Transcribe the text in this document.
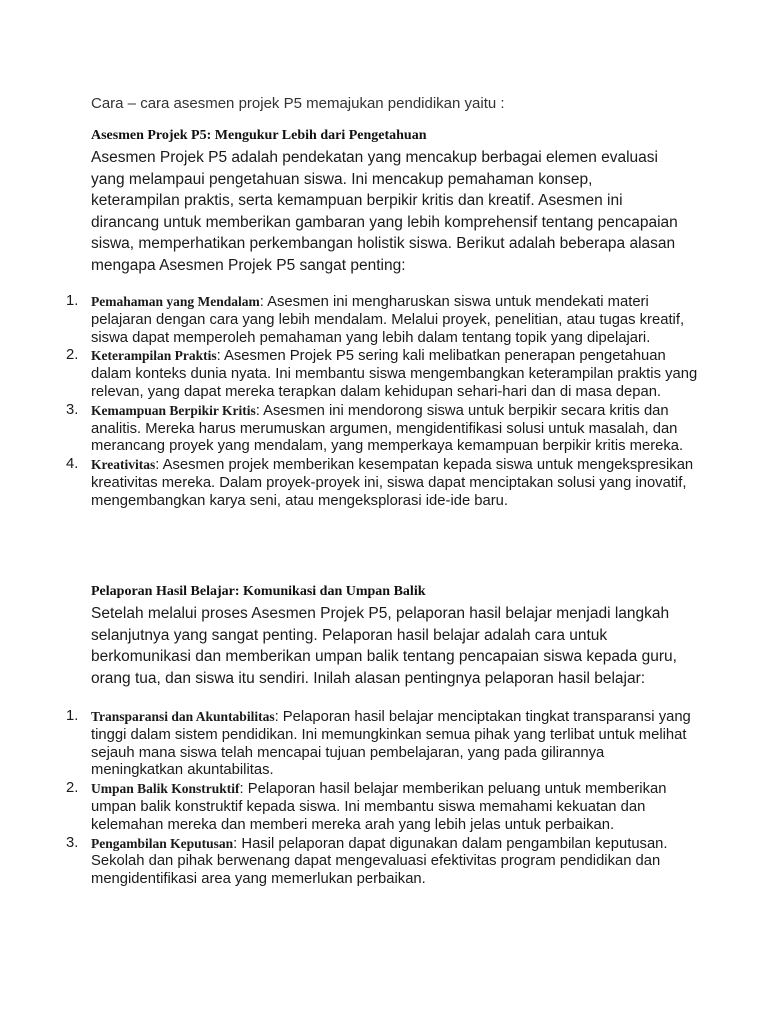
Cara – cara asesmen projek P5 memajukan pendidikan yaitu :

Asesmen Projek P5: Mengukur Lebih dari Pengetahuan

Asesmen Projek P5 adalah pendekatan yang mencakup berbagai elemen evaluasi yang melampaui pengetahuan siswa. Ini mencakup pemahaman konsep, keterampilan praktis, serta kemampuan berpikir kritis dan kreatif. Asesmen ini dirancang untuk memberikan gambaran yang lebih komprehensif tentang pencapaian siswa, memperhatikan perkembangan holistik siswa. Berikut adalah beberapa alasan mengapa Asesmen Projek P5 sangat penting:

1. Pemahaman yang Mendalam: Asesmen ini mengharuskan siswa untuk mendekati materi pelajaran dengan cara yang lebih mendalam. Melalui proyek, penelitian, atau tugas kreatif, siswa dapat memperoleh pemahaman yang lebih dalam tentang topik yang dipelajari.
2. Keterampilan Praktis: Asesmen Projek P5 sering kali melibatkan penerapan pengetahuan dalam konteks dunia nyata. Ini membantu siswa mengembangkan keterampilan praktis yang relevan, yang dapat mereka terapkan dalam kehidupan sehari-hari dan di masa depan.
3. Kemampuan Berpikir Kritis: Asesmen ini mendorong siswa untuk berpikir secara kritis dan analitis. Mereka harus merumuskan argumen, mengidentifikasi solusi untuk masalah, dan merancang proyek yang mendalam, yang memperkaya kemampuan berpikir kritis mereka.
4. Kreativitas: Asesmen projek memberikan kesempatan kepada siswa untuk mengekspresikan kreativitas mereka. Dalam proyek-proyek ini, siswa dapat menciptakan solusi yang inovatif, mengembangkan karya seni, atau mengeksplorasi ide-ide baru.
Pelaporan Hasil Belajar: Komunikasi dan Umpan Balik

Setelah melalui proses Asesmen Projek P5, pelaporan hasil belajar menjadi langkah selanjutnya yang sangat penting. Pelaporan hasil belajar adalah cara untuk berkomunikasi dan memberikan umpan balik tentang pencapaian siswa kepada guru, orang tua, dan siswa itu sendiri. Inilah alasan pentingnya pelaporan hasil belajar:

1. Transparansi dan Akuntabilitas: Pelaporan hasil belajar menciptakan tingkat transparansi yang tinggi dalam sistem pendidikan. Ini memungkinkan semua pihak yang terlibat untuk melihat sejauh mana siswa telah mencapai tujuan pembelajaran, yang pada gilirannya meningkatkan akuntabilitas.
2. Umpan Balik Konstruktif: Pelaporan hasil belajar memberikan peluang untuk memberikan umpan balik konstruktif kepada siswa. Ini membantu siswa memahami kekuatan dan kelemahan mereka dan memberi mereka arah yang lebih jelas untuk perbaikan.
3. Pengambilan Keputusan: Hasil pelaporan dapat digunakan dalam pengambilan keputusan. Sekolah dan pihak berwenang dapat mengevaluasi efektivitas program pendidikan dan mengidentifikasi area yang memerlukan perbaikan.
